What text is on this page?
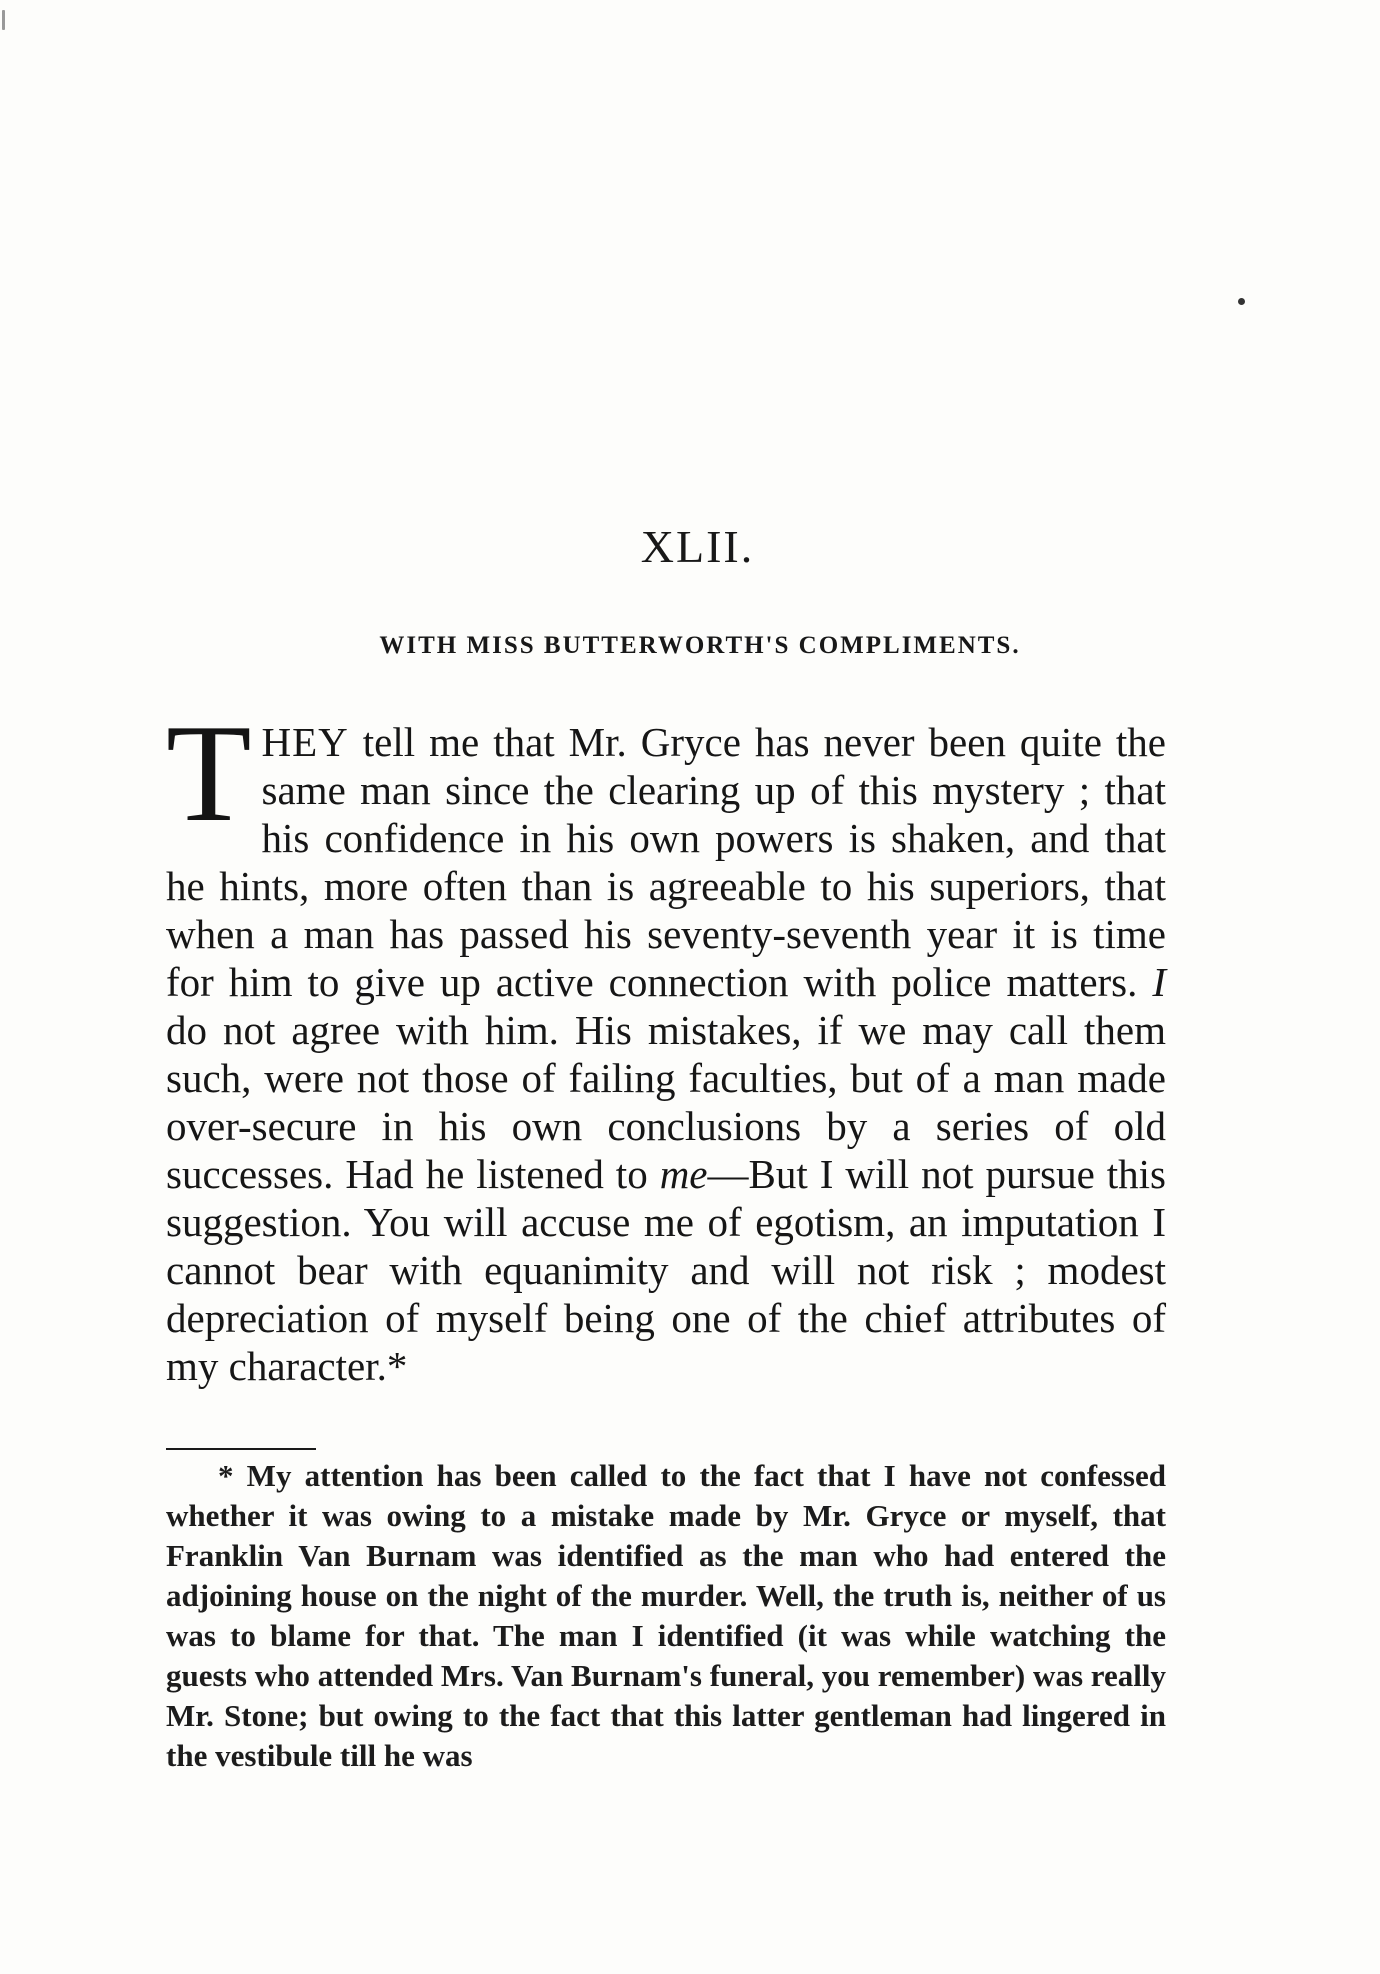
XLII.
WITH MISS BUTTERWORTH'S COMPLIMENTS.
THEY tell me that Mr. Gryce has never been quite the same man since the clearing up of this mystery ; that his confidence in his own powers is shaken, and that he hints, more often than is agreeable to his superiors, that when a man has passed his seventy-seventh year it is time for him to give up active connection with police matters. I do not agree with him. His mistakes, if we may call them such, were not those of failing faculties, but of a man made over-secure in his own conclusions by a series of old successes. Had he listened to me—But I will not pursue this suggestion. You will accuse me of egotism, an imputation I cannot bear with equanimity and will not risk ; modest depreciation of myself being one of the chief attributes of my character.*
* My attention has been called to the fact that I have not confessed whether it was owing to a mistake made by Mr. Gryce or myself, that Franklin Van Burnam was identified as the man who had entered the adjoining house on the night of the murder. Well, the truth is, neither of us was to blame for that. The man I identified (it was while watching the guests who attended Mrs. Van Burnam's funeral, you remember) was really Mr. Stone; but owing to the fact that this latter gentleman had lingered in the vestibule till he was
